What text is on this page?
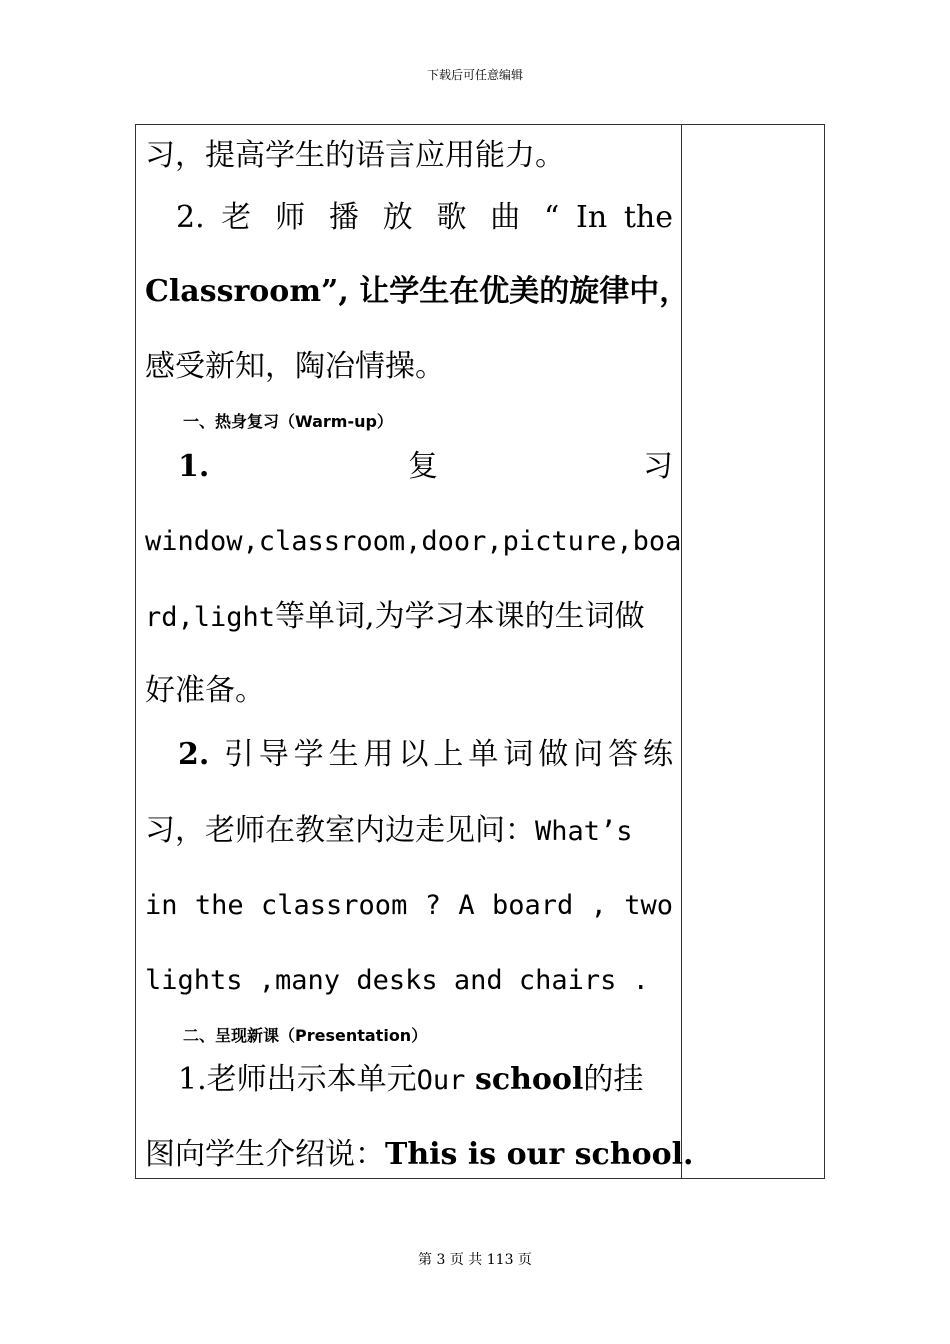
下载后可任意编辑
习，提高学生的语言应用能力。
2. 老 师 播 放 歌 曲 “ In the
Classroom”, 让学生在优美的旋律中，
感受新知，陶冶情操。
一、热身复习（Warm-up）
1.	复	习
window,classroom,door,picture,boa
rd,light等单词,为学习本课的生词做
好准备。
2. 引导学生用以上单词做问答练
习，老师在教室内边走见问：What’s
in the classroom ? A board , two
lights ,many desks and chairs .
二、呈现新课（Presentation）
1.老师出示本单元Our school的挂
图向学生介绍说：This is our school.
第 3 页 共 113 页
